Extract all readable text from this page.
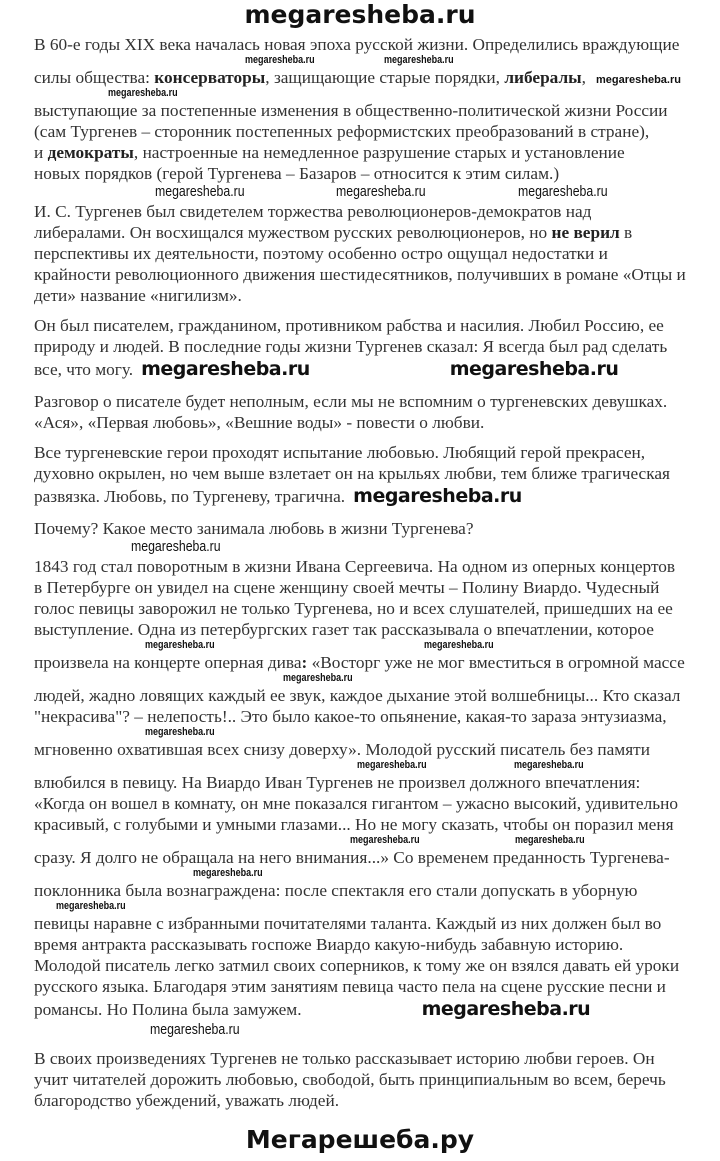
megaresheba.ru
В 60-е годы XIX века началась новая эпоха русской жизни. Определились враждующие
megaresheba.ru	megaresheba.ru
силы общества: консерваторы, защищающие старые порядки, либералы, megaresheba.ru
megaresheba.ru
выступающие за постепенные изменения в общественно-политической жизни России
(сам Тургенев – сторонник постепенных реформистских преобразований в стране),
и демократы, настроенные на немедленное разрушение старых и установление
новых порядков (герой Тургенева – Базаров – относится к этим силам.)
megaresheba.ru	megaresheba.ru	megaresheba.ru
И. С. Тургенев был свидетелем торжества революционеров-демократов над
либералами. Он восхищался мужеством русских революционеров, но не верил в
перспективы их деятельности, поэтому особенно остро ощущал недостатки и
крайности революционного движения шестидесятников, получивших в романе «Отцы и
дети» название «нигилизм».
Он был писателем, гражданином, противником рабства и насилия. Любил Россию, ее
природу и людей. В последние годы жизни Тургенев сказал: Я всегда был рад сделать
все, что могу. megaresheba.ru	megaresheba.ru
Разговор о писателе будет неполным, если мы не вспомним о тургеневских девушках.
«Ася», «Первая любовь», «Вешние воды» - повести о любви.
Все тургеневские герои проходят испытание любовью. Любящий герой прекрасен,
духовно окрылен, но чем выше взлетает он на крыльях любви, тем ближе трагическая
развязка. Любовь, по Тургеневу, трагична. megaresheba.ru
Почему? Какое место занимала любовь в жизни Тургенева?
megaresheba.ru
1843 год стал поворотным в жизни Ивана Сергеевича. На одном из оперных концертов
в Петербурге он увидел на сцене женщину своей мечты – Полину Виардо. Чудесный
голос певицы заворожил не только Тургенева, но и всех слушателей, пришедших на ее
выступление. Одна из петербургских газет так рассказывала о впечатлении, которое
megaresheba.ru	megaresheba.ru
произвела на концерте оперная дива: «Восторг уже не мог вместиться в огромной массе
megaresheba.ru
людей, жадно ловящих каждый ее звук, каждое дыхание этой волшебницы... Кто сказал
"некрасива"? – нелепость!.. Это было какое-то опьянение, какая-то зараза энтузиазма,
megaresheba.ru
мгновенно охватившая всех снизу доверху». Молодой русский писатель без памяти
megaresheba.ru	megaresheba.ru
влюбился в певицу. На Виардо Иван Тургенев не произвел должного впечатления:
«Когда он вошел в комнату, он мне показался гигантом – ужасно высокий, удивительно
красивый, с голубыми и умными глазами... Но не могу сказать, чтобы он поразил меня
megaresheba.ru	megaresheba.ru
сразу. Я долго не обращала на него внимания...» Со временем преданность Тургенева-
megaresheba.ru
поклонника была вознаграждена: после спектакля его стали допускать в уборную
megaresheba.ru
певицы наравне с избранными почитателями таланта. Каждый из них должен был во
время антракта рассказывать госпоже Виардо какую-нибудь забавную историю.
Молодой писатель легко затмил своих соперников, к тому же он взялся давать ей уроки
русского языка. Благодаря этим занятиям певица часто пела на сцене русские песни и
романсы. Но Полина была замужем.	megaresheba.ru
megaresheba.ru
В своих произведениях Тургенев не только рассказывает историю любви героев. Он
учит читателей дорожить любовью, свободой, быть принципиальным во всем, беречь
благородство убеждений, уважать людей.
Мегарешеба.ру
